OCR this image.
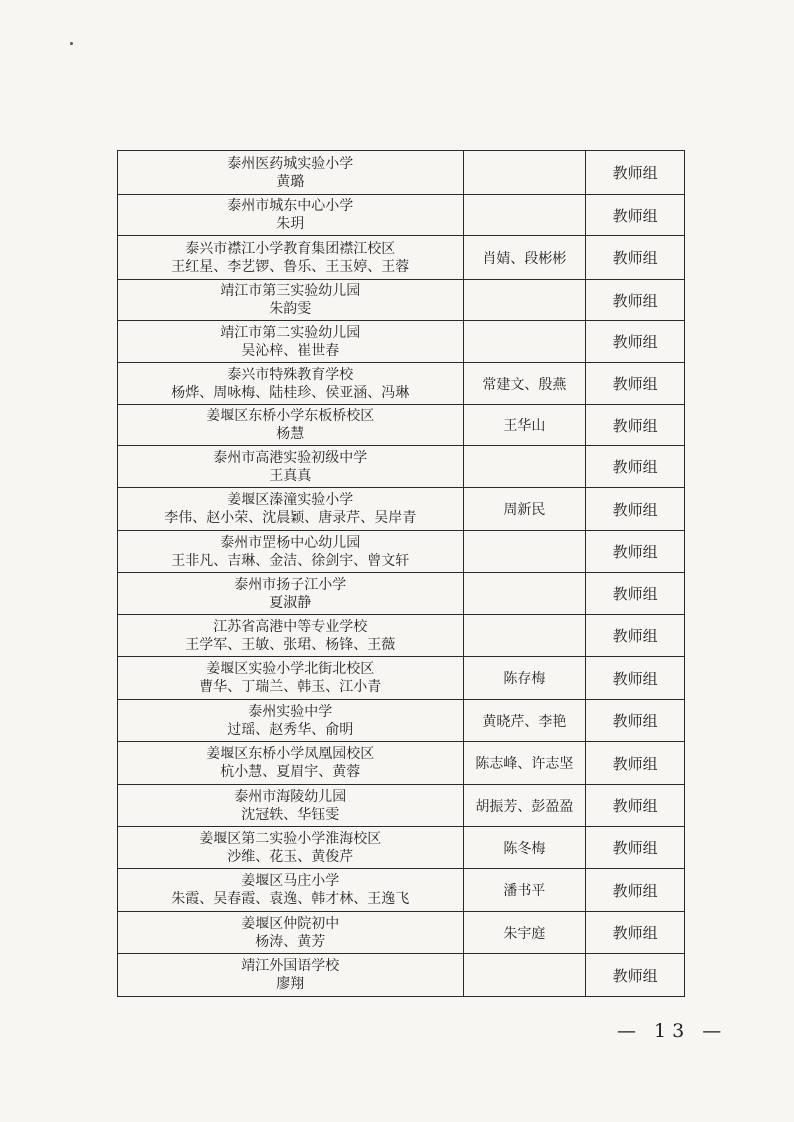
泰州医药城实验小学
黄璐		教师组

泰州市城东中心小学
朱玥		教师组

泰兴市襟江小学教育集团襟江校区
王红星、李艺锣、鲁乐、王玉婷、王蓉	肖婧、段彬彬	教师组

靖江市第三实验幼儿园
朱韵雯		教师组

靖江市第二实验幼儿园
吴沁梓、崔世春		教师组

泰兴市特殊教育学校
杨烨、周咏梅、陆桂珍、侯亚涵、冯琳	常建文、殷燕	教师组

姜堰区东桥小学东板桥校区
杨慧	王华山	教师组

泰州市高港实验初级中学
王真真		教师组

姜堰区溱潼实验小学
李伟、赵小荣、沈晨颖、唐录芹、吴岸青	周新民	教师组

泰州市罡杨中心幼儿园
王非凡、吉琳、金洁、徐剑宇、曾文轩		教师组

泰州市扬子江小学
夏淑静		教师组

江苏省高港中等专业学校
王学军、王敏、张珺、杨锋、王薇		教师组

姜堰区实验小学北街北校区
曹华、丁瑞兰、韩玉、江小青	陈存梅	教师组

泰州实验中学
过瑶、赵秀华、俞明	黄晓芹、李艳	教师组

姜堰区东桥小学凤凰园校区
杭小慧、夏眉宇、黄蓉	陈志峰、许志坚	教师组

泰州市海陵幼儿园
沈冠轶、华钰雯	胡振芳、彭盈盈	教师组

姜堰区第二实验小学淮海校区
沙维、花玉、黄俊芹	陈冬梅	教师组

姜堰区马庄小学
朱霞、吴春霞、袁逸、韩才林、王逸飞	潘书平	教师组

姜堰区仲院初中
杨涛、黄芳	朱宇庭	教师组

靖江外国语学校
廖翔		教师组
— 13 —
